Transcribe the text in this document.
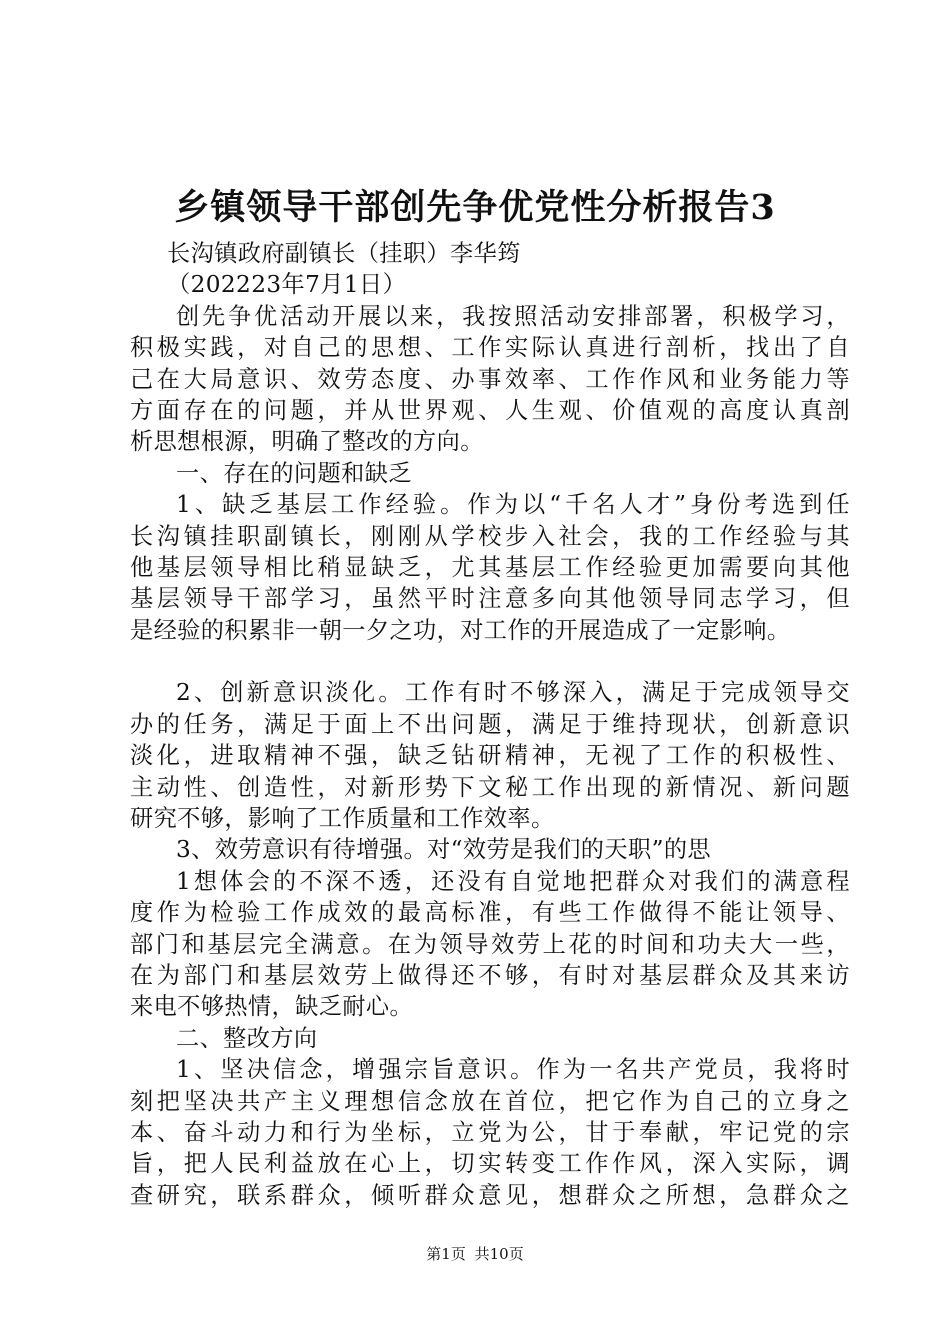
乡镇领导干部创先争优党性分析报告3
长沟镇政府副镇长（挂职）李华筠
（202223年7月1日）
创先争优活动开展以来，我按照活动安排部署，积极学习，
积极实践，对自己的思想、工作实际认真进行剖析，找出了自
己在大局意识、效劳态度、办事效率、工作作风和业务能力等
方面存在的问题，并从世界观、人生观、价值观的高度认真剖
析思想根源，明确了整改的方向。
一、存在的问题和缺乏
1、缺乏基层工作经验。作为以“千名人才”身份考选到任
长沟镇挂职副镇长，刚刚从学校步入社会，我的工作经验与其
他基层领导相比稍显缺乏，尤其基层工作经验更加需要向其他
基层领导干部学习，虽然平时注意多向其他领导同志学习，但
是经验的积累非一朝一夕之功，对工作的开展造成了一定影响。
2、创新意识淡化。工作有时不够深入，满足于完成领导交
办的任务，满足于面上不出问题，满足于维持现状，创新意识
淡化，进取精神不强，缺乏钻研精神，无视了工作的积极性、
主动性、创造性，对新形势下文秘工作出现的新情况、新问题
研究不够，影响了工作质量和工作效率。
3、效劳意识有待增强。对“效劳是我们的天职”的思
1想体会的不深不透，还没有自觉地把群众对我们的满意程
度作为检验工作成效的最高标准，有些工作做得不能让领导、
部门和基层完全满意。在为领导效劳上花的时间和功夫大一些，
在为部门和基层效劳上做得还不够，有时对基层群众及其来访
来电不够热情，缺乏耐心。
二、整改方向
1、坚决信念，增强宗旨意识。作为一名共产党员，我将时
刻把坚决共产主义理想信念放在首位，把它作为自己的立身之
本、奋斗动力和行为坐标，立党为公，甘于奉献，牢记党的宗
旨，把人民利益放在心上，切实转变工作作风，深入实际，调
查研究，联系群众，倾听群众意见，想群众之所想，急群众之
第1页 共10页
